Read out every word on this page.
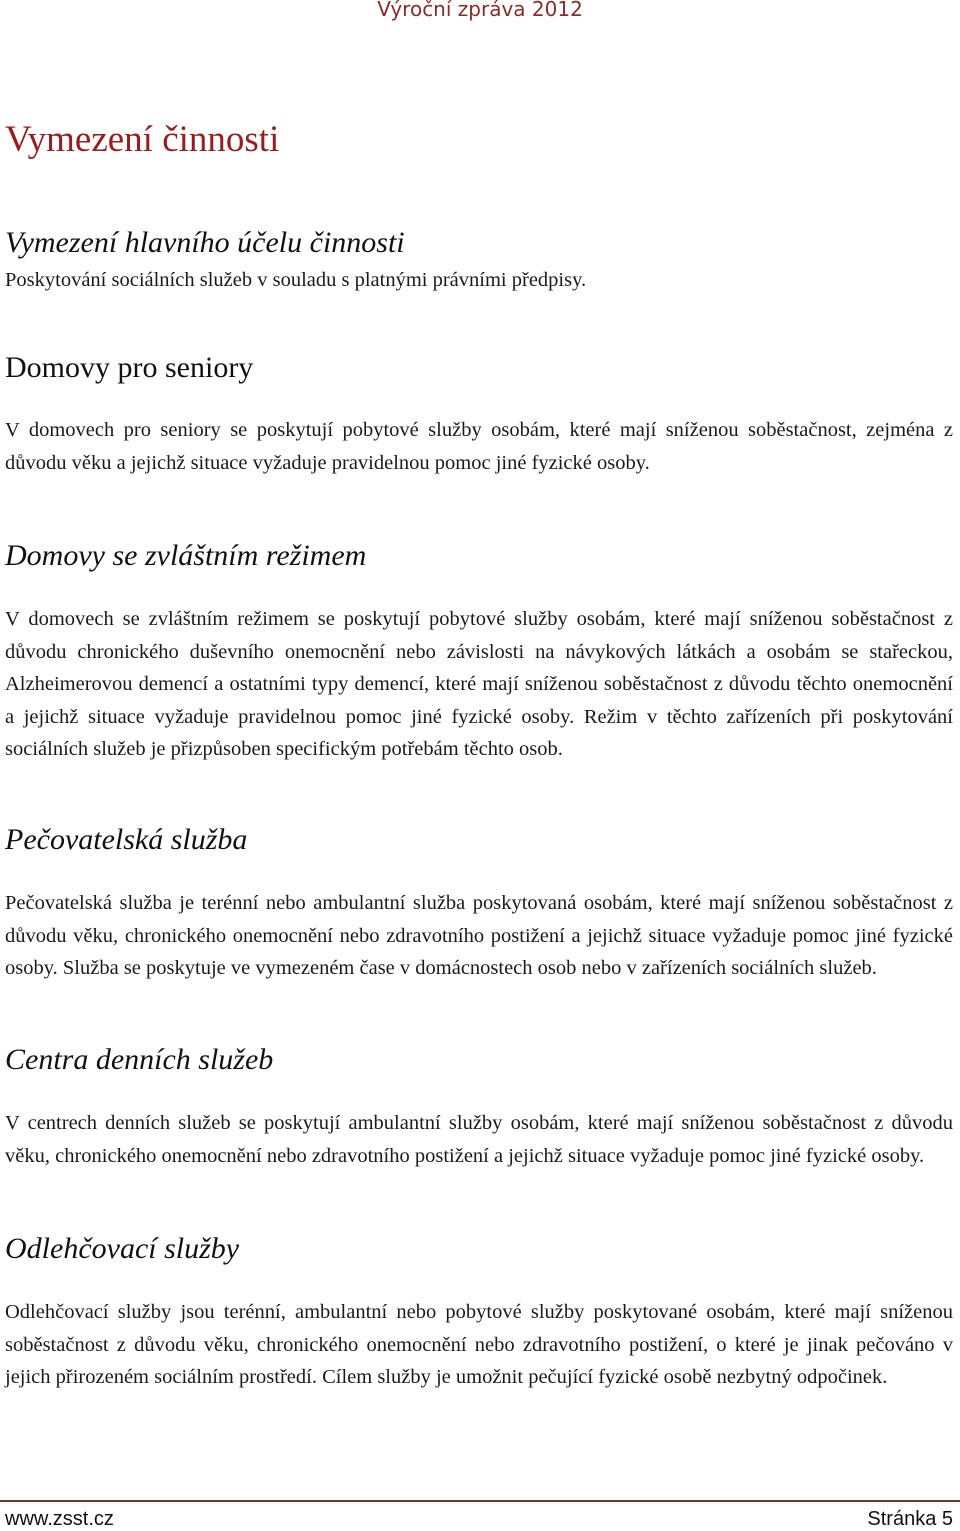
Výroční zpráva 2012
Vymezení činnosti
Vymezení hlavního účelu činnosti

Poskytování sociálních služeb v souladu s platnými právními předpisy.

Domovy pro seniory

V domovech pro seniory se poskytují pobytové služby osobám, které mají sníženou soběstačnost, zejména z důvodu věku a jejichž situace vyžaduje pravidelnou pomoc jiné fyzické osoby.

Domovy se zvláštním režimem

V domovech se zvláštním režimem se poskytují pobytové služby osobám, které mají sníženou soběstačnost z důvodu chronického duševního onemocnění nebo závislosti na návykových látkách a osobám se stařeckou, Alzheimerovou demencí a ostatními typy demencí, které mají sníženou soběstačnost z důvodu těchto onemocnění a jejichž situace vyžaduje pravidelnou pomoc jiné fyzické osoby. Režim v těchto zařízeních při poskytování sociálních služeb je přizpůsoben specifickým potřebám těchto osob.

Pečovatelská služba

Pečovatelská služba je terénní nebo ambulantní služba poskytovaná osobám, které mají sníženou soběstačnost z důvodu věku, chronického onemocnění nebo zdravotního postižení a jejichž situace vyžaduje pomoc jiné fyzické osoby. Služba se poskytuje ve vymezeném čase v domácnostech osob nebo v zařízeních sociálních služeb.

Centra denních služeb

V centrech denních služeb se poskytují ambulantní služby osobám, které mají sníženou soběstačnost z důvodu věku, chronického onemocnění nebo zdravotního postižení a jejichž situace vyžaduje pomoc jiné fyzické osoby.

Odlehčovací služby

Odlehčovací služby jsou terénní, ambulantní nebo pobytové služby poskytované osobám, které mají sníženou soběstačnost z důvodu věku, chronického onemocnění nebo zdravotního postižení, o které je jinak pečováno v jejich přirozeném sociálním prostředí. Cílem služby je umožnit pečující fyzické osobě nezbytný odpočinek.

www.zsst.cz	Stránka 5
